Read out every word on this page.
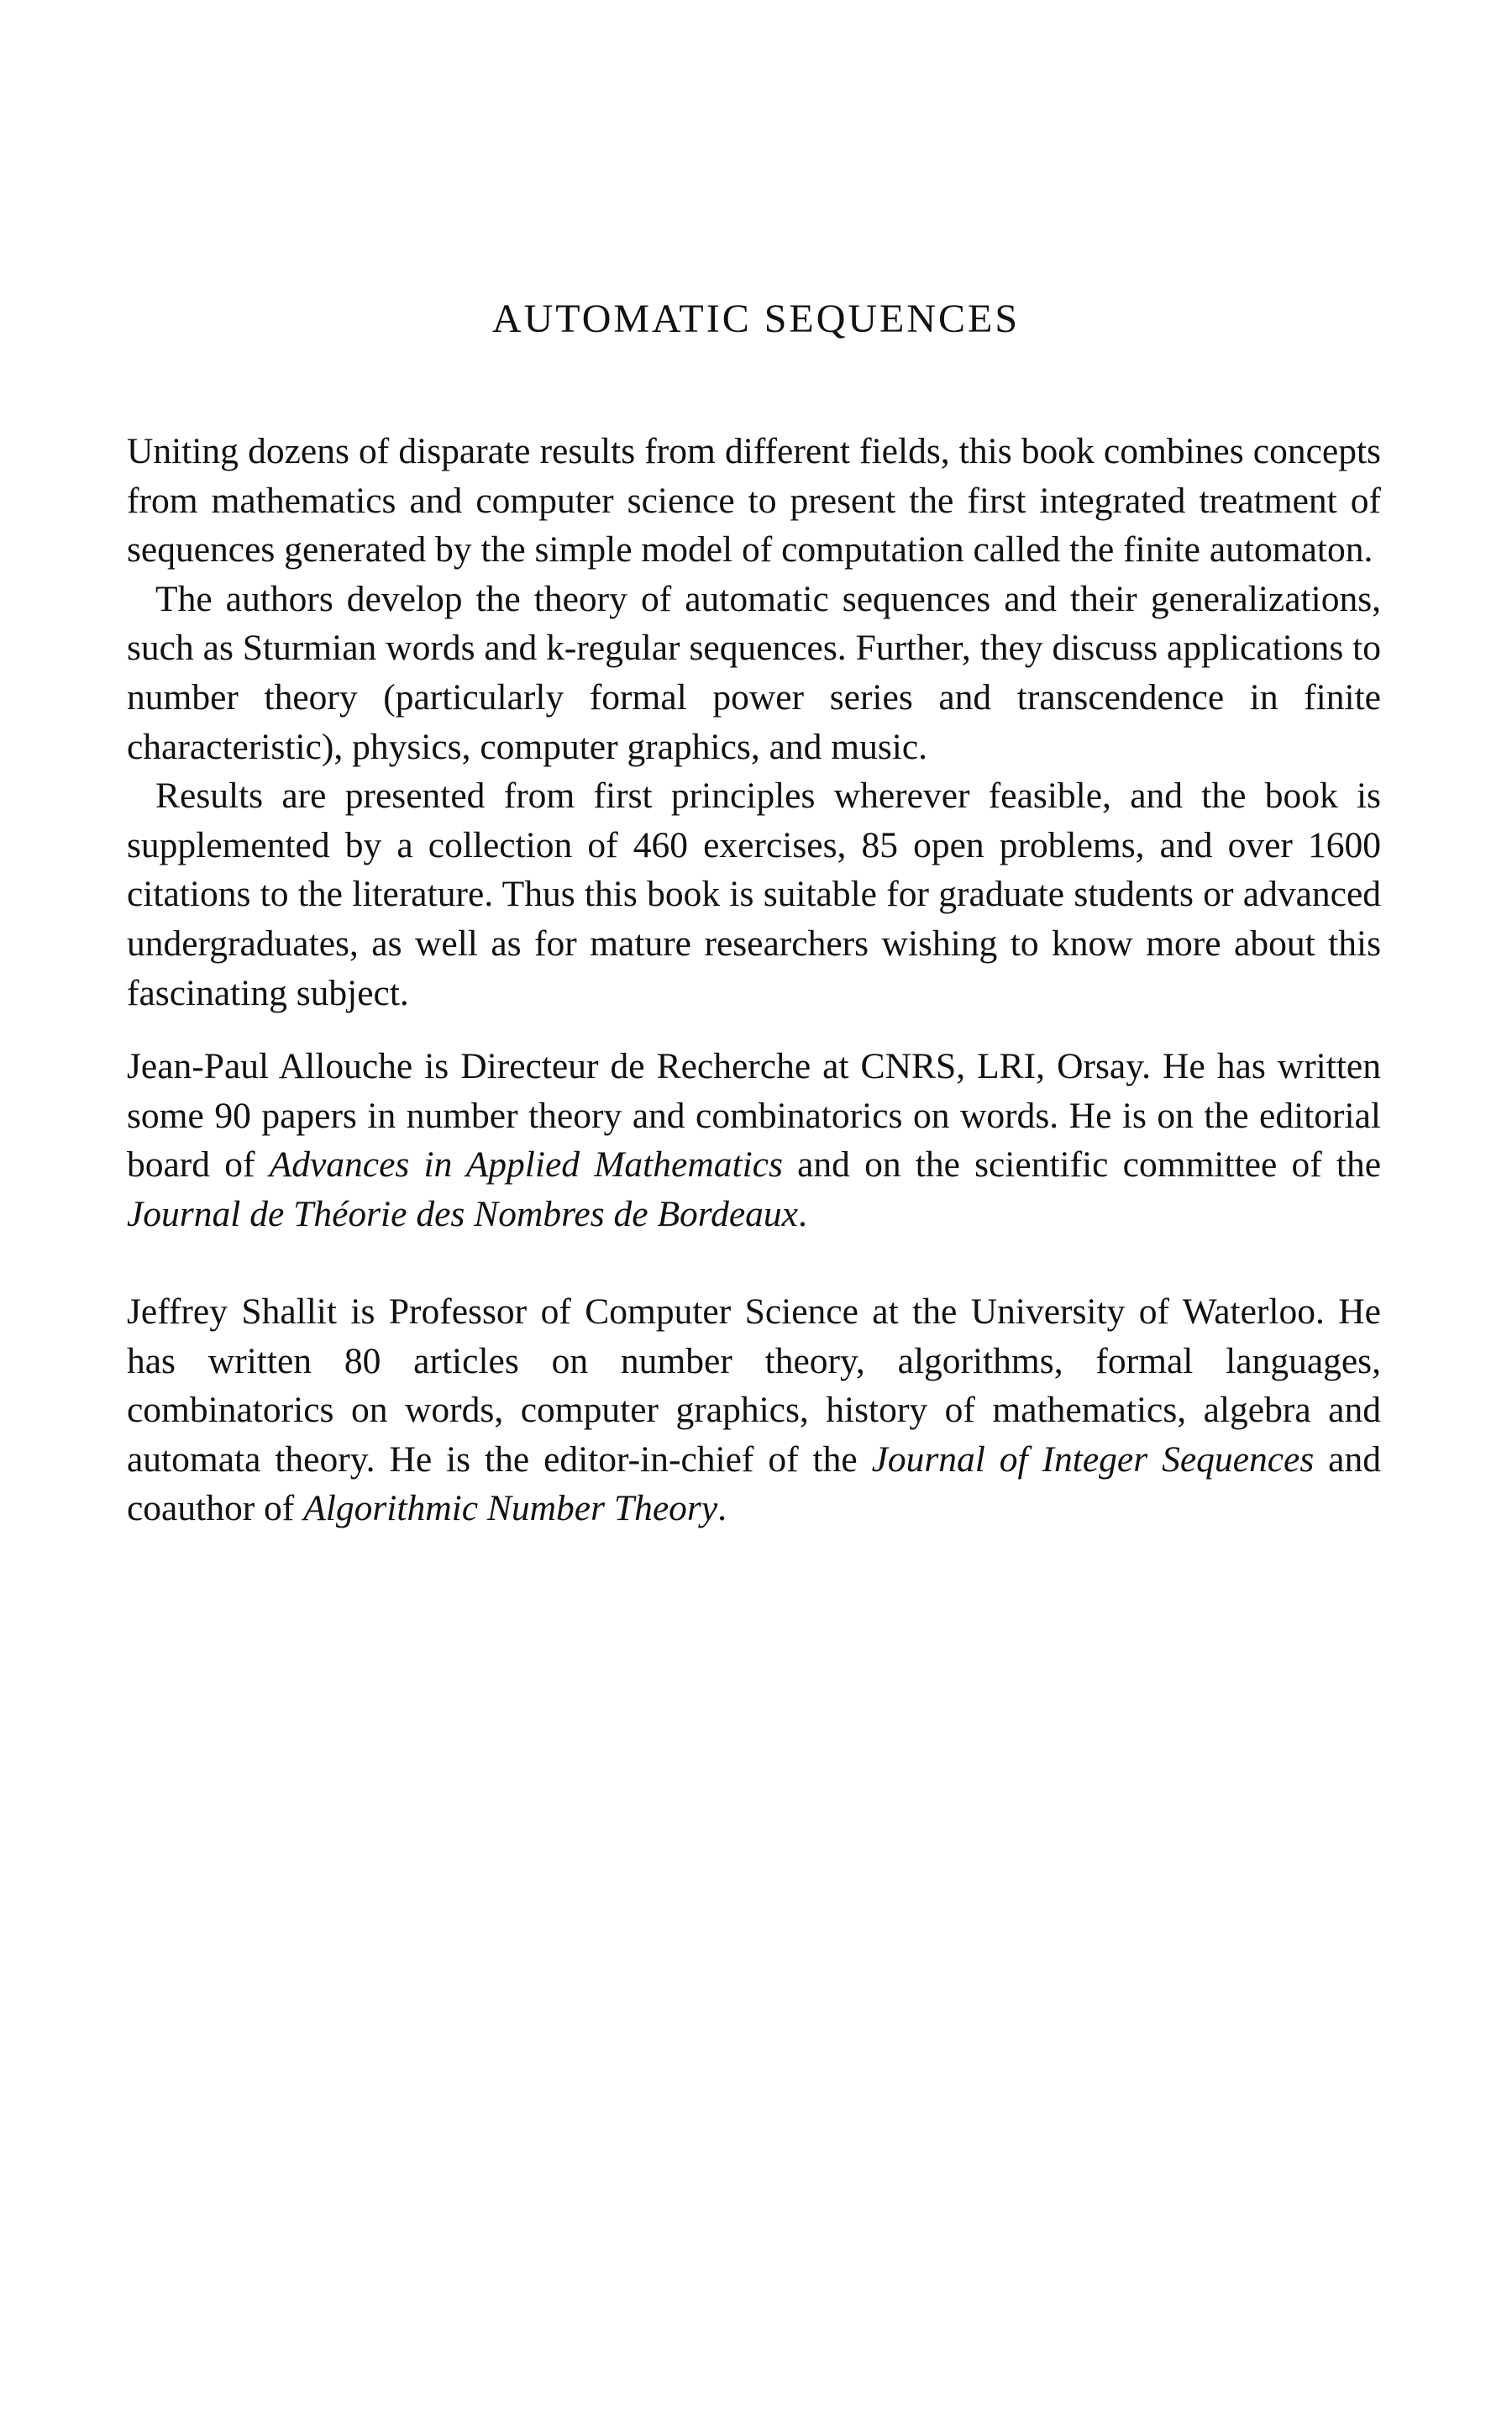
AUTOMATIC SEQUENCES

Uniting dozens of disparate results from different fields, this book combines concepts from mathematics and computer science to present the first integrated treatment of sequences generated by the simple model of computation called the finite automaton.

The authors develop the theory of automatic sequences and their generalizations, such as Sturmian words and k-regular sequences. Further, they discuss applications to number theory (particularly formal power series and transcendence in finite characteristic), physics, computer graphics, and music.

Results are presented from first principles wherever feasible, and the book is supplemented by a collection of 460 exercises, 85 open problems, and over 1600 citations to the literature. Thus this book is suitable for graduate students or advanced undergraduates, as well as for mature researchers wishing to know more about this fascinating subject.

Jean-Paul Allouche is Directeur de Recherche at CNRS, LRI, Orsay. He has written some 90 papers in number theory and combinatorics on words. He is on the editorial board of Advances in Applied Mathematics and on the scientific committee of the Journal de Théorie des Nombres de Bordeaux.

Jeffrey Shallit is Professor of Computer Science at the University of Waterloo. He has written 80 articles on number theory, algorithms, formal languages, combinatorics on words, computer graphics, history of mathematics, algebra and automata theory. He is the editor-in-chief of the Journal of Integer Sequences and coauthor of Algorithmic Number Theory.
